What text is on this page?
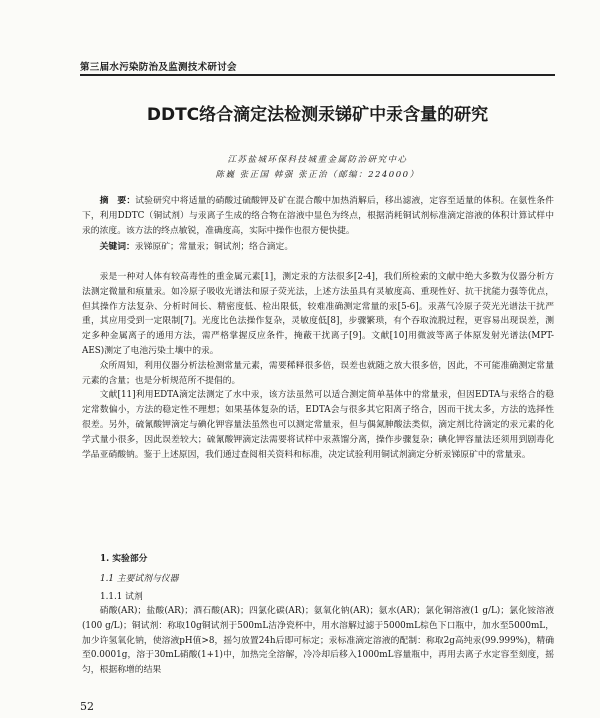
第三届水污染防治及监测技术研讨会
DDTC络合滴定法检测汞锑矿中汞含量的研究
江苏盐城环保科技城重金属防治研究中心
陈巍 张正国 韩强 张正治（邮编：224000）

摘　要：试验研究中将适量的硝酸过硫酸钾及矿在混合酸中加热消解后，移出滤液，定容至适量的体积。在氨性条件下，利用DDTC（铜试剂）与汞离子生成的络合物在溶液中显色为终点，根据消耗铜试剂标准滴定溶液的体积计算试样中汞的浓度。该方法的终点敏锐，准确度高，实际中操作也很方便快捷。

关键词：汞锑原矿；常量汞；铜试剂；络合滴定。

汞是一种对人体有较高毒性的重金属元素[1]，测定汞的方法很多[2-4]，我们所检索的文献中绝大多数为仪器分析方法测定微量和痕量汞。如冷原子吸收光谱法和原子荧光法，上述方法虽具有灵敏度高、重现性好、抗干扰能力强等优点，但其操作方法复杂、分析时间长、精密度低、检出限低，较难准确测定常量的汞[5-6]。汞蒸气冷原子荧光光谱法干扰严重，其应用受到一定限制[7]。光度比色法操作复杂，灵敏度低[8]，步骤繁琐，有个吞取流脱过程，更容易出现误差，测定多种金属离子的通用方法，需严格掌握反应条件，掩蔽干扰离子[9]。文献[10]用微波等离子体原发射光谱法(MPT-AES)测定了电池污染土壤中的汞。

众所周知，利用仪器分析法检测常量元素，需要稀释很多倍，误差也就随之放大很多倍，因此，不可能准确测定常量元素的含量；也是分析规范所不提倡的。

文献[11]利用EDTA滴定法测定了水中汞，该方法虽然可以适合测定简单基体中的常量汞，但因EDTA与汞络合的稳定常数偏小，方法的稳定性不理想；如果基体复杂的话，EDTA会与很多其它阳离子络合，因而干扰太多，方法的选择性很差。另外，硫氰酸钾滴定与碘化钾容量法虽然也可以测定常量汞，但与偶氮胂酸法类似，滴定剂比待滴定的汞元素的化学式量小很多，因此误差较大；硫氰酸钾滴定法需要将试样中汞蒸馏分离，操作步骤复杂；碘化钾容量法还须用到剧毒化学品亚硝酸钠。鉴于上述原因，我们通过查阅相关资料和标准，决定试验利用铜试剂滴定分析汞锑原矿中的常量汞。

1. 实验部分
1.1 主要试剂与仪器
1.1.1 试剂

硝酸(AR)；盐酸(AR)；酒石酸(AR)；四氯化碳(AR)；氨氧化钠(AR)；氨水(AR)；氯化铜溶液(1 g/L)；氯化铵溶液(100 g/L)；铜试剂：称取10g铜试剂于500mL洁净瓷杯中，用水溶解过滤于5000mL棕色下口瓶中，加水至5000mL，加少许氢氧化钠，使溶液pH值>8，摇匀放置24h后即可标定；汞标准滴定溶液的配制：称取2g高纯汞(99.999%)，精确至0.0001g，溶于30mL硝酸(1+1)中，加热完全溶解，冷冷却后移入1000mL容量瓶中，再用去离子水定容至刻度，摇匀，根据称增的结果

52
